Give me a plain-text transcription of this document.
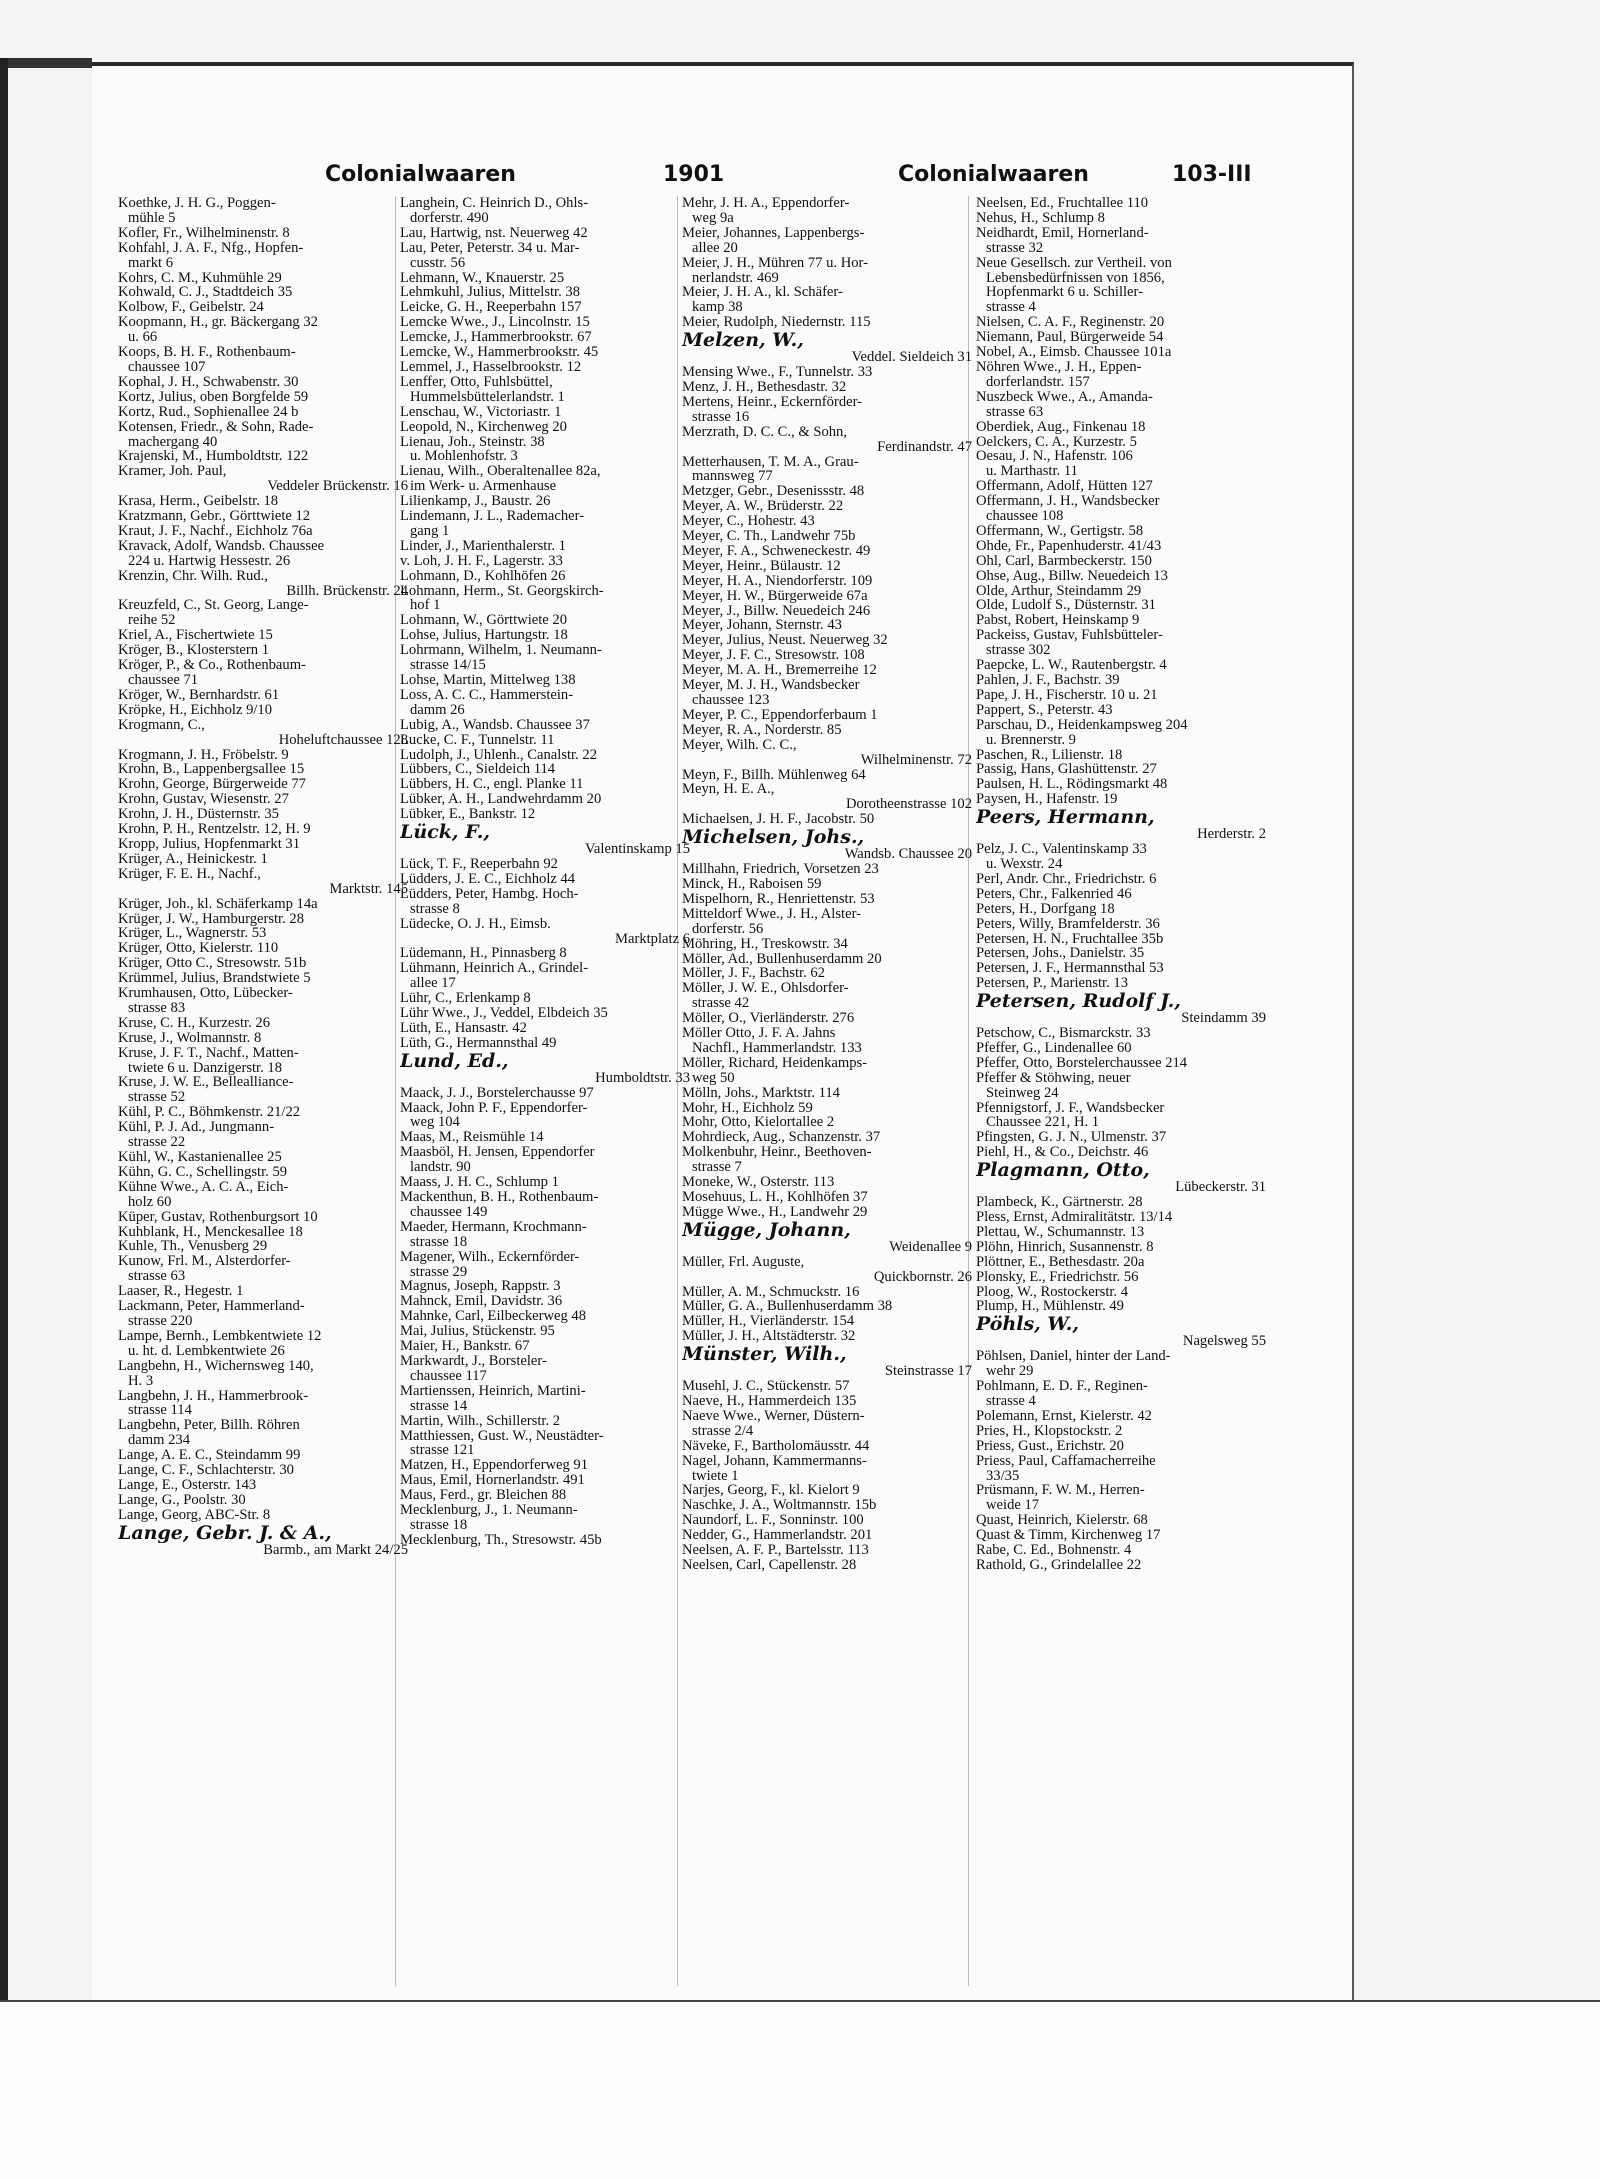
Colonialwaaren	1901	Colonialwaaren	103-III
Koethke, J. H. G., Poggen-
mühle 5
Kofler, Fr., Wilhelminenstr. 8
Kohfahl, J. A. F., Nfg., Hopfen-
markt 6
Kohrs, C. M., Kuhmühle 29
Kohwald, C. J., Stadtdeich 35
Kolbow, F., Geibelstr. 24
Koopmann, H., gr. Bäckergang 32
u. 66
Koops, B. H. F., Rothenbaum-
chaussee 107
Kophal, J. H., Schwabenstr. 30
Kortz, Julius, oben Borgfelde 59
Kortz, Rud., Sophienallee 24 b
Kotensen, Friedr., & Sohn, Rade-
machergang 40
Krajenski, M., Humboldtstr. 122
Kramer, Joh. Paul,
Veddeler Brückenstr. 16
Krasa, Herm., Geibelstr. 18
Kratzmann, Gebr., Görttwiete 12
Kraut, J. F., Nachf., Eichholz 76a
Kravack, Adolf, Wandsb. Chaussee
224 u. Hartwig Hessestr. 26
Krenzin, Chr. Wilh. Rud.,
Billh. Brückenstr. 24
Kreuzfeld, C., St. Georg, Lange-
reihe 52
Kriel, A., Fischertwiete 15
Kröger, B., Klosterstern 1
Kröger, P., & Co., Rothenbaum-
chaussee 71
Kröger, W., Bernhardstr. 61
Kröpke, H., Eichholz 9/10
Krogmann, C.,
Hoheluftchaussee 128
Krogmann, J. H., Fröbelstr. 9
Krohn, B., Lappenbergsallee 15
Krohn, George, Bürgerweide 77
Krohn, Gustav, Wiesenstr. 27
Krohn, J. H., Düsternstr. 35
Krohn, P. H., Rentzelstr. 12, H. 9
Kropp, Julius, Hopfenmarkt 31
Krüger, A., Heinickestr. 1
Krüger, F. E. H., Nachf.,
Marktstr. 145
Krüger, Joh., kl. Schäferkamp 14a
Krüger, J. W., Hamburgerstr. 28
Krüger, L., Wagnerstr. 53
Krüger, Otto, Kielerstr. 110
Krüger, Otto C., Stresowstr. 51b
Krümmel, Julius, Brandstwiete 5
Krumhausen, Otto, Lübecker-
strasse 83
Kruse, C. H., Kurzestr. 26
Kruse, J., Wolmannstr. 8
Kruse, J. F. T., Nachf., Matten-
twiete 6 u. Danzigerstr. 18
Kruse, J. W. E., Bellealliance-
strasse 52
Kühl, P. C., Böhmkenstr. 21/22
Kühl, P. J. Ad., Jungmann-
strasse 22
Kühl, W., Kastanienallee 25
Kühn, G. C., Schellingstr. 59
Kühne Wwe., A. C. A., Eich-
holz 60
Küper, Gustav, Rothenburgsort 10
Kuhblank, H., Menckesallee 18
Kuhle, Th., Venusberg 29
Kunow, Frl. M., Alsterdorfer-
strasse 63
Laaser, R., Hegestr. 1
Lackmann, Peter, Hammerland-
strasse 220
Lampe, Bernh., Lembkentwiete 12
u. ht. d. Lembkentwiete 26
Langbehn, H., Wichernsweg 140,
H. 3
Langbehn, J. H., Hammerbrook-
strasse 114
Langbehn, Peter, Billh. Röhren
damm 234
Lange, A. E. C., Steindamm 99
Lange, C. F., Schlachterstr. 30
Lange, E., Osterstr. 143
Lange, G., Poolstr. 30
Lange, Georg, ABC-Str. 8
Lange, Gebr. J. & A.,
Barmb., am Markt 24/25
Langhein, C. Heinrich D., Ohls-
dorferstr. 490
Lau, Hartwig, nst. Neuerweg 42
Lau, Peter, Peterstr. 34 u. Mar-
cusstr. 56
Lehmann, W., Knauerstr. 25
Lehmkuhl, Julius, Mittelstr. 38
Leicke, G. H., Reeperbahn 157
Lemcke Wwe., J., Lincolnstr. 15
Lemcke, J., Hammerbrookstr. 67
Lemcke, W., Hammerbrookstr. 45
Lemmel, J., Hasselbrookstr. 12
Lenffer, Otto, Fuhlsbüttel,
Hummelsbüttelerlandstr. 1
Lenschau, W., Victoriastr. 1
Leopold, N., Kirchenweg 20
Lienau, Joh., Steinstr. 38
u. Mohlenhofstr. 3
Lienau, Wilh., Oberaltenallee 82a,
im Werk- u. Armenhause
Lilienkamp, J., Baustr. 26
Lindemann, J. L., Rademacher-
gang 1
Linder, J., Marienthalerstr. 1
v. Loh, J. H. F., Lagerstr. 33
Lohmann, D., Kohlhöfen 26
Lohmann, Herm., St. Georgskirch-
hof 1
Lohmann, W., Görttwiete 20
Lohse, Julius, Hartungstr. 18
Lohrmann, Wilhelm, 1. Neumann-
strasse 14/15
Lohse, Martin, Mittelweg 138
Loss, A. C. C., Hammerstein-
damm 26
Lubig, A., Wandsb. Chaussee 37
Lucke, C. F., Tunnelstr. 11
Ludolph, J., Uhlenh., Canalstr. 22
Lübbers, C., Sieldeich 114
Lübbers, H. C., engl. Planke 11
Lübker, A. H., Landwehrdamm 20
Lübker, E., Bankstr. 12
Lück, F.,
Valentinskamp 15
Lück, T. F., Reeperbahn 92
Lüdders, J. E. C., Eichholz 44
Lüdders, Peter, Hambg. Hoch-
strasse 8
Lüdecke, O. J. H., Eimsb.
Marktplatz 6
Lüdemann, H., Pinnasberg 8
Lühmann, Heinrich A., Grindel-
allee 17
Lühr, C., Erlenkamp 8
Lühr Wwe., J., Veddel, Elbdeich 35
Lüth, E., Hansastr. 42
Lüth, G., Hermannsthal 49
Lund, Ed.,
Humboldtstr. 33
Maack, J. J., Borstelerchausse 97
Maack, John P. F., Eppendorfer-
weg 104
Maas, M., Reismühle 14
Maasböl, H. Jensen, Eppendorfer
landstr. 90
Maass, J. H. C., Schlump 1
Mackenthun, B. H., Rothenbaum-
chaussee 149
Maeder, Hermann, Krochmann-
strasse 18
Magener, Wilh., Eckernförder-
strasse 29
Magnus, Joseph, Rappstr. 3
Mahnck, Emil, Davidstr. 36
Mahnke, Carl, Eilbeckerweg 48
Mai, Julius, Stückenstr. 95
Maier, H., Bankstr. 67
Markwardt, J., Borsteler-
chaussee 117
Martienssen, Heinrich, Martini-
strasse 14
Martin, Wilh., Schillerstr. 2
Matthiessen, Gust. W., Neustädter-
strasse 121
Matzen, H., Eppendorferweg 91
Maus, Emil, Hornerlandstr. 491
Maus, Ferd., gr. Bleichen 88
Mecklenburg, J., 1. Neumann-
strasse 18
Mecklenburg, Th., Stresowstr. 45b
Mehr, J. H. A., Eppendorfer-
weg 9a
Meier, Johannes, Lappenbergs-
allee 20
Meier, J. H., Mühren 77 u. Hor-
nerlandstr. 469
Meier, J. H. A., kl. Schäfer-
kamp 38
Meier, Rudolph, Niedernstr. 115
Melzen, W.,
Veddel. Sieldeich 31
Mensing Wwe., F., Tunnelstr. 33
Menz, J. H., Bethesdastr. 32
Mertens, Heinr., Eckernförder-
strasse 16
Merzrath, D. C. C., & Sohn,
Ferdinandstr. 47
Metterhausen, T. M. A., Grau-
mannsweg 77
Metzger, Gebr., Desenissstr. 48
Meyer, A. W., Brüderstr. 22
Meyer, C., Hohestr. 43
Meyer, C. Th., Landwehr 75b
Meyer, F. A., Schweneckestr. 49
Meyer, Heinr., Bülaustr. 12
Meyer, H. A., Niendorferstr. 109
Meyer, H. W., Bürgerweide 67a
Meyer, J., Billw. Neuedeich 246
Meyer, Johann, Sternstr. 43
Meyer, Julius, Neust. Neuerweg 32
Meyer, J. F. C., Stresowstr. 108
Meyer, M. A. H., Bremerreihe 12
Meyer, M. J. H., Wandsbecker
chaussee 123
Meyer, P. C., Eppendorferbaum 1
Meyer, R. A., Norderstr. 85
Meyer, Wilh. C. C.,
Wilhelminenstr. 72
Meyn, F., Billh. Mühlenweg 64
Meyn, H. E. A.,
Dorotheenstrasse 102
Michaelsen, J. H. F., Jacobstr. 50
Michelsen, Johs.,
Wandsb. Chaussee 20
Millhahn, Friedrich, Vorsetzen 23
Minck, H., Raboisen 59
Mispelhorn, R., Henriettenstr. 53
Mitteldorf Wwe., J. H., Alster-
dorferstr. 56
Möhring, H., Treskowstr. 34
Möller, Ad., Bullenhuserdamm 20
Möller, J. F., Bachstr. 62
Möller, J. W. E., Ohlsdorfer-
strasse 42
Möller, O., Vierländerstr. 276
Möller Otto, J. F. A. Jahns
Nachfl., Hammerlandstr. 133
Möller, Richard, Heidenkamps-
weg 50
Mölln, Johs., Marktstr. 114
Mohr, H., Eichholz 59
Mohr, Otto, Kielortallee 2
Mohrdieck, Aug., Schanzenstr. 37
Molkenbuhr, Heinr., Beethoven-
strasse 7
Moneke, W., Osterstr. 113
Mosehuus, L. H., Kohlhöfen 37
Mügge Wwe., H., Landwehr 29
Mügge, Johann,
Weidenallee 9
Müller, Frl. Auguste,
Quickbornstr. 26
Müller, A. M., Schmuckstr. 16
Müller, G. A., Bullenhuserdamm 38
Müller, H., Vierländerstr. 154
Müller, J. H., Altstädterstr. 32
Münster, Wilh.,
Steinstrasse 17
Musehl, J. C., Stückenstr. 57
Naeve, H., Hammerdeich 135
Naeve Wwe., Werner, Düstern-
strasse 2/4
Näveke, F., Bartholomäusstr. 44
Nagel, Johann, Kammermanns-
twiete 1
Narjes, Georg, F., kl. Kielort 9
Naschke, J. A., Woltmannstr. 15b
Naundorf, L. F., Sonninstr. 100
Nedder, G., Hammerlandstr. 201
Neelsen, A. F. P., Bartelsstr. 113
Neelsen, Carl, Capellenstr. 28
Neelsen, Ed., Fruchtallee 110
Nehus, H., Schlump 8
Neidhardt, Emil, Hornerland-
strasse 32
Neue Gesellsch. zur Vertheil. von
Lebensbedürfnissen von 1856,
Hopfenmarkt 6 u. Schiller-
strasse 4
Nielsen, C. A. F., Reginenstr. 20
Niemann, Paul, Bürgerweide 54
Nobel, A., Eimsb. Chaussee 101a
Nöhren Wwe., J. H., Eppen-
dorferlandstr. 157
Nuszbeck Wwe., A., Amanda-
strasse 63
Oberdiek, Aug., Finkenau 18
Oelckers, C. A., Kurzestr. 5
Oesau, J. N., Hafenstr. 106
u. Marthastr. 11
Offermann, Adolf, Hütten 127
Offermann, J. H., Wandsbecker
chaussee 108
Offermann, W., Gertigstr. 58
Ohde, Fr., Papenhuderstr. 41/43
Ohl, Carl, Barmbeckerstr. 150
Ohse, Aug., Billw. Neuedeich 13
Olde, Arthur, Steindamm 29
Olde, Ludolf S., Düsternstr. 31
Pabst, Robert, Heinskamp 9
Packeiss, Gustav, Fuhlsbütteler-
strasse 302
Paepcke, L. W., Rautenbergstr. 4
Pahlen, J. F., Bachstr. 39
Pape, J. H., Fischerstr. 10 u. 21
Pappert, S., Peterstr. 43
Parschau, D., Heidenkampsweg 204
u. Brennerstr. 9
Paschen, R., Lilienstr. 18
Passig, Hans, Glashüttenstr. 27
Paulsen, H. L., Rödingsmarkt 48
Paysen, H., Hafenstr. 19
Peers, Hermann,
Herderstr. 2
Pelz, J. C., Valentinskamp 33
u. Wexstr. 24
Perl, Andr. Chr., Friedrichstr. 6
Peters, Chr., Falkenried 46
Peters, H., Dorfgang 18
Peters, Willy, Bramfelderstr. 36
Petersen, H. N., Fruchtallee 35b
Petersen, Johs., Danielstr. 35
Petersen, J. F., Hermannsthal 53
Petersen, P., Marienstr. 13
Petersen, Rudolf J.,
Steindamm 39
Petschow, C., Bismarckstr. 33
Pfeffer, G., Lindenallee 60
Pfeffer, Otto, Borstelerchaussee 214
Pfeffer & Stöhwing, neuer
Steinweg 24
Pfennigstorf, J. F., Wandsbecker
Chaussee 221, H. 1
Pfingsten, G. J. N., Ulmenstr. 37
Piehl, H., & Co., Deichstr. 46
Plagmann, Otto,
Lübeckerstr. 31
Plambeck, K., Gärtnerstr. 28
Pless, Ernst, Admiralitätstr. 13/14
Plettau, W., Schumannstr. 13
Plöhn, Hinrich, Susannenstr. 8
Plöttner, E., Bethesdastr. 20a
Plonsky, E., Friedrichstr. 56
Ploog, W., Rostockerstr. 4
Plump, H., Mühlenstr. 49
Pöhls, W.,
Nagelsweg 55
Pöhlsen, Daniel, hinter der Land-
wehr 29
Pohlmann, E. D. F., Reginen-
strasse 4
Polemann, Ernst, Kielerstr. 42
Pries, H., Klopstockstr. 2
Priess, Gust., Erichstr. 20
Priess, Paul, Caffamacherreihe
33/35
Prüsmann, F. W. M., Herren-
weide 17
Quast, Heinrich, Kielerstr. 68
Quast & Timm, Kirchenweg 17
Rabe, C. Ed., Bohnenstr. 4
Rathold, G., Grindelallee 22
